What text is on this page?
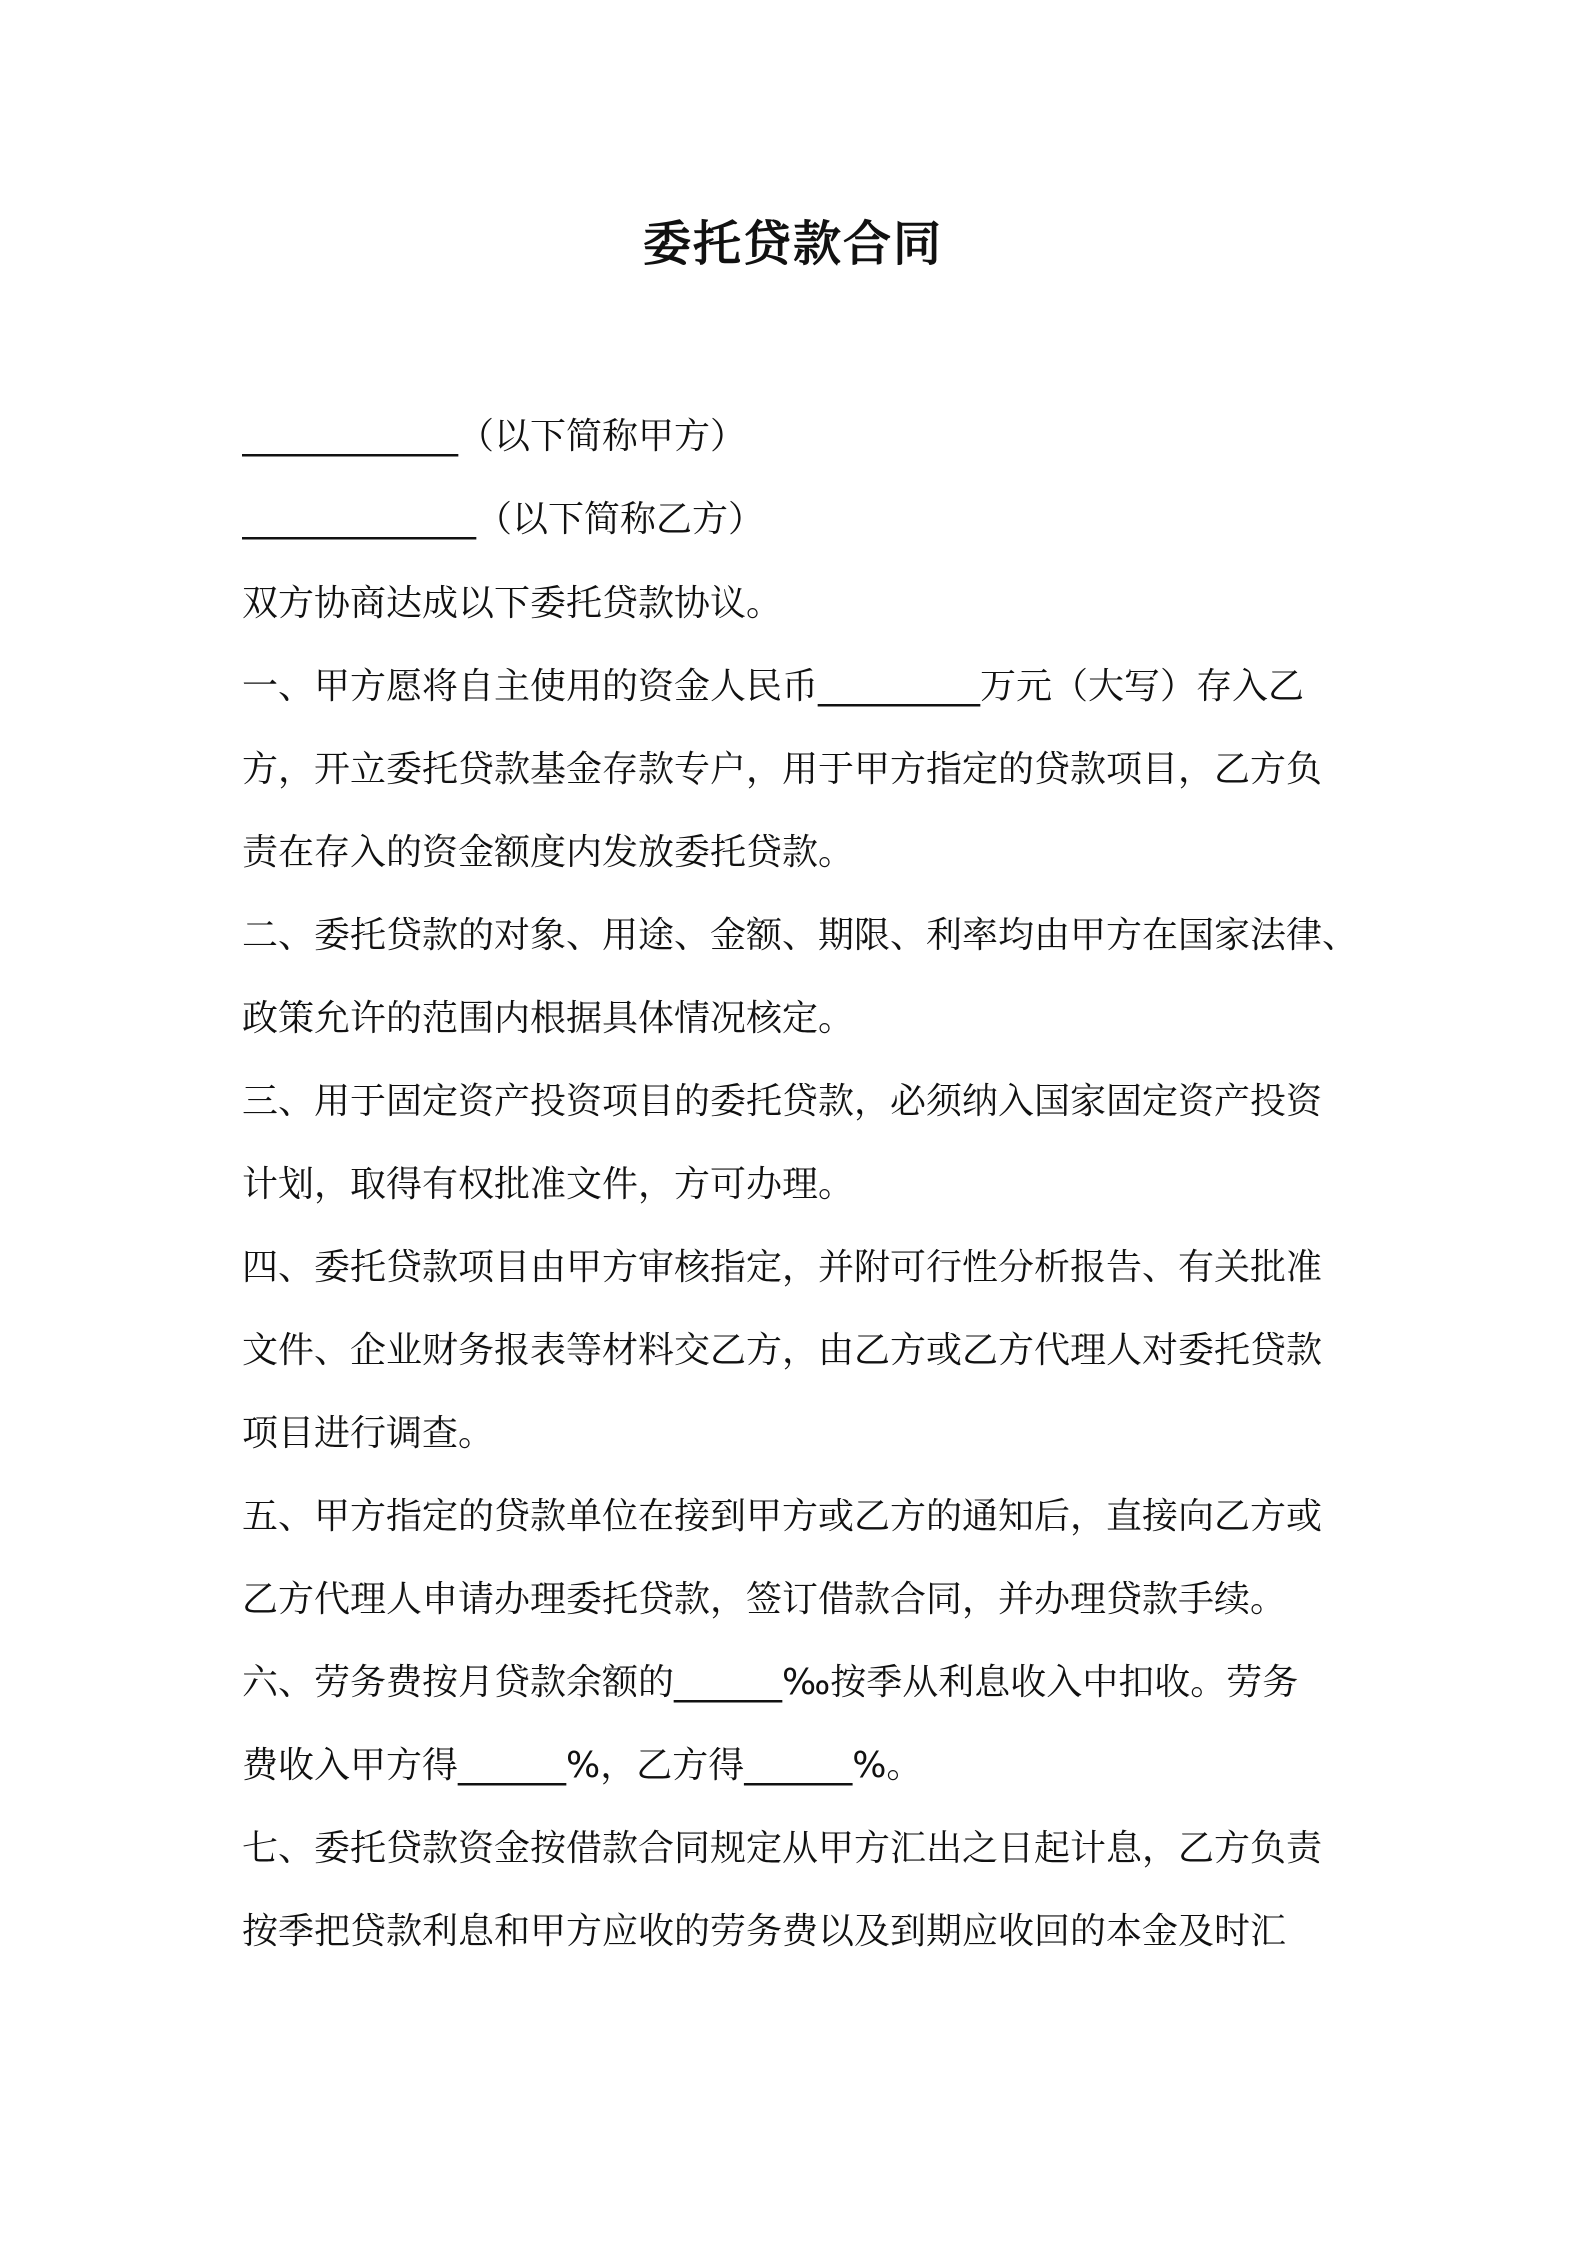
委托贷款合同
____________（以下简称甲方）
_____________（以下简称乙方）
双方协商达成以下委托贷款协议。
一、甲方愿将自主使用的资金人民币_________万元（大写）存入乙
方，开立委托贷款基金存款专户，用于甲方指定的贷款项目，乙方负
责在存入的资金额度内发放委托贷款。
二、委托贷款的对象、用途、金额、期限、利率均由甲方在国家法律、
政策允许的范围内根据具体情况核定。
三、用于固定资产投资项目的委托贷款，必须纳入国家固定资产投资
计划，取得有权批准文件，方可办理。
四、委托贷款项目由甲方审核指定，并附可行性分析报告、有关批准
文件、企业财务报表等材料交乙方，由乙方或乙方代理人对委托贷款
项目进行调查。
五、甲方指定的贷款单位在接到甲方或乙方的通知后，直接向乙方或
乙方代理人申请办理委托贷款，签订借款合同，并办理贷款手续。
六、劳务费按月贷款余额的______‰按季从利息收入中扣收。劳务
费收入甲方得______%，乙方得______%。
七、委托贷款资金按借款合同规定从甲方汇出之日起计息，乙方负责
按季把贷款利息和甲方应收的劳务费以及到期应收回的本金及时汇
